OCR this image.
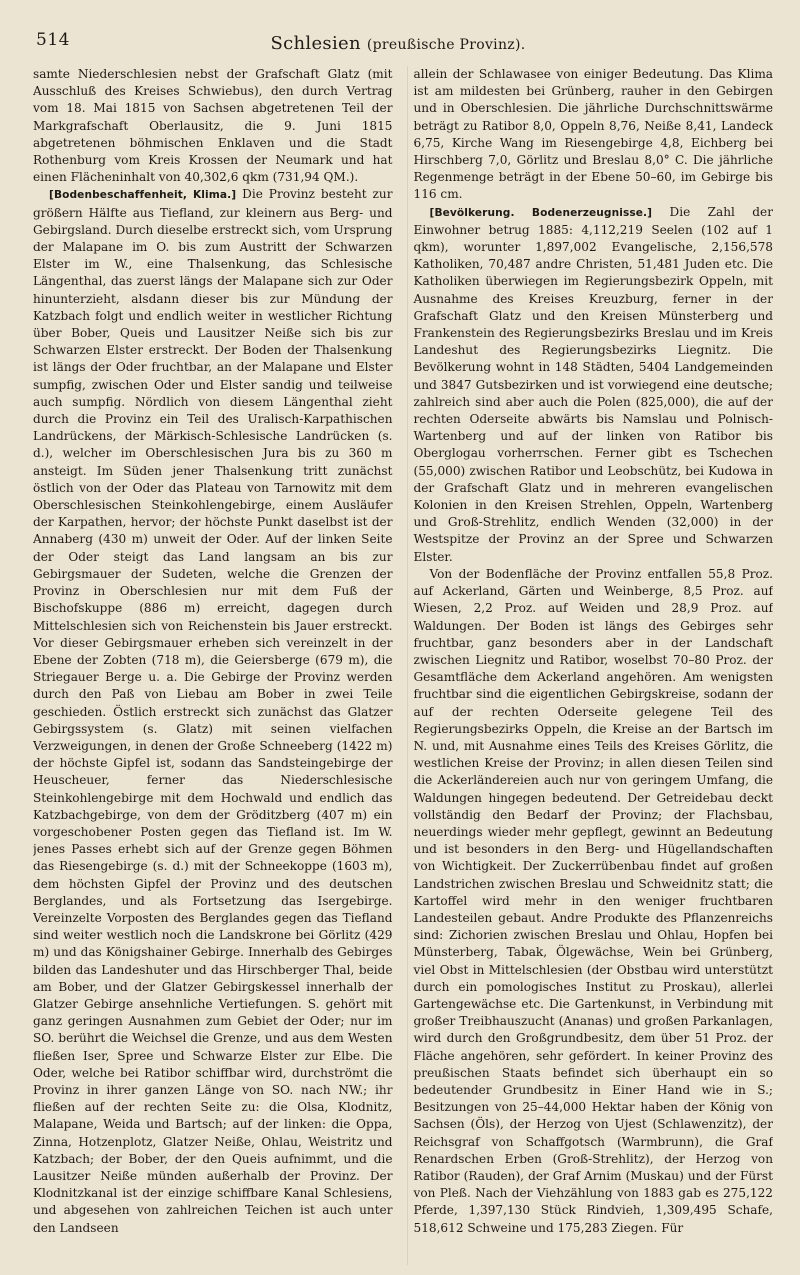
514	Schlesien (preußische Provinz).

samte Niederschlesien nebst der Grafschaft Glatz (mit Ausschluß des Kreises Schwiebus), den durch Vertrag vom 18. Mai 1815 von Sachsen abgetretenen Teil der Markgrafschaft Oberlausitz, die 9. Juni 1815 abgetretenen böhmischen Enklaven und die Stadt Rothenburg vom Kreis Krossen der Neumark und hat einen Flächeninhalt von 40,302,6 qkm (731,94 QM.).

[Bodenbeschaffenheit, Klima.] Die Provinz besteht zur größern Hälfte aus Tiefland, zur kleinern aus Berg- und Gebirgsland. Durch dieselbe erstreckt sich, vom Ursprung der Malapane im O. bis zum Austritt der Schwarzen Elster im W., eine Thalsenkung, das Schlesische Längenthal, das zuerst längs der Malapane sich zur Oder hinunterzieht, alsdann dieser bis zur Mündung der Katzbach folgt und endlich weiter in westlicher Richtung über Bober, Queis und Lausitzer Neiße sich bis zur Schwarzen Elster erstreckt. Der Boden der Thalsenkung ist längs der Oder fruchtbar, an der Malapane und Elster sumpfig, zwischen Oder und Elster sandig und teilweise auch sumpfig. Nördlich von diesem Längenthal zieht durch die Provinz ein Teil des Uralisch-Karpathischen Landrückens, der Märkisch-Schlesische Landrücken (s. d.), welcher im Oberschlesischen Jura bis zu 360 m ansteigt. Im Süden jener Thalsenkung tritt zunächst östlich von der Oder das Plateau von Tarnowitz mit dem Oberschlesischen Steinkohlengebirge, einem Ausläufer der Karpathen, hervor; der höchste Punkt daselbst ist der Annaberg (430 m) unweit der Oder. Auf der linken Seite der Oder steigt das Land langsam an bis zur Gebirgsmauer der Sudeten, welche die Grenzen der Provinz in Oberschlesien nur mit dem Fuß der Bischofskuppe (886 m) erreicht, dagegen durch Mittelschlesien sich von Reichenstein bis Jauer erstreckt. Vor dieser Gebirgsmauer erheben sich vereinzelt in der Ebene der Zobten (718 m), die Geiersberge (679 m), die Striegauer Berge u. a. Die Gebirge der Provinz werden durch den Paß von Liebau am Bober in zwei Teile geschieden. Östlich erstreckt sich zunächst das Glatzer Gebirgssystem (s. Glatz) mit seinen vielfachen Verzweigungen, in denen der Große Schneeberg (1422 m) der höchste Gipfel ist, sodann das Sandsteingebirge der Heuscheuer, ferner das Niederschlesische Steinkohlengebirge mit dem Hochwald und endlich das Katzbachgebirge, von dem der Gröditzberg (407 m) ein vorgeschobener Posten gegen das Tiefland ist. Im W. jenes Passes erhebt sich auf der Grenze gegen Böhmen das Riesengebirge (s. d.) mit der Schneekoppe (1603 m), dem höchsten Gipfel der Provinz und des deutschen Berglandes, und als Fortsetzung das Isergebirge. Vereinzelte Vorposten des Berglandes gegen das Tiefland sind weiter westlich noch die Landskrone bei Görlitz (429 m) und das Königshainer Gebirge. Innerhalb des Gebirges bilden das Landeshuter und das Hirschberger Thal, beide am Bober, und der Glatzer Gebirgskessel innerhalb der Glatzer Gebirge ansehnliche Vertiefungen. S. gehört mit ganz geringen Ausnahmen zum Gebiet der Oder; nur im SO. berührt die Weichsel die Grenze, und aus dem Westen fließen Iser, Spree und Schwarze Elster zur Elbe. Die Oder, welche bei Ratibor schiffbar wird, durchströmt die Provinz in ihrer ganzen Länge von SO. nach NW.; ihr fließen auf der rechten Seite zu: die Olsa, Klodnitz, Malapane, Weida und Bartsch; auf der linken: die Oppa, Zinna, Hotzenplotz, Glatzer Neiße, Ohlau, Weistritz und Katzbach; der Bober, der den Queis aufnimmt, und die Lausitzer Neiße münden außerhalb der Provinz. Der Klodnitzkanal ist der einzige schiffbare Kanal Schlesiens, und abgesehen von zahlreichen Teichen ist auch unter den Landseen

allein der Schlawasee von einiger Bedeutung. Das Klima ist am mildesten bei Grünberg, rauher in den Gebirgen und in Oberschlesien. Die jährliche Durchschnittswärme beträgt zu Ratibor 8,0, Oppeln 8,76, Neiße 8,41, Landeck 6,75, Kirche Wang im Riesengebirge 4,8, Eichberg bei Hirschberg 7,0, Görlitz und Breslau 8,0° C. Die jährliche Regenmenge beträgt in der Ebene 50–60, im Gebirge bis 116 cm.

[Bevölkerung. Bodenerzeugnisse.] Die Zahl der Einwohner betrug 1885: 4,112,219 Seelen (102 auf 1 qkm), worunter 1,897,002 Evangelische, 2,156,578 Katholiken, 70,487 andre Christen, 51,481 Juden etc. Die Katholiken überwiegen im Regierungsbezirk Oppeln, mit Ausnahme des Kreises Kreuzburg, ferner in der Grafschaft Glatz und den Kreisen Münsterberg und Frankenstein des Regierungsbezirks Breslau und im Kreis Landeshut des Regierungsbezirks Liegnitz. Die Bevölkerung wohnt in 148 Städten, 5404 Landgemeinden und 3847 Gutsbezirken und ist vorwiegend eine deutsche; zahlreich sind aber auch die Polen (825,000), die auf der rechten Oderseite abwärts bis Namslau und Polnisch-Wartenberg und auf der linken von Ratibor bis Oberglogau vorherrschen. Ferner gibt es Tschechen (55,000) zwischen Ratibor und Leobschütz, bei Kudowa in der Grafschaft Glatz und in mehreren evangelischen Kolonien in den Kreisen Strehlen, Oppeln, Wartenberg und Groß-Strehlitz, endlich Wenden (32,000) in der Westspitze der Provinz an der Spree und Schwarzen Elster.

Von der Bodenfläche der Provinz entfallen 55,8 Proz. auf Ackerland, Gärten und Weinberge, 8,5 Proz. auf Wiesen, 2,2 Proz. auf Weiden und 28,9 Proz. auf Waldungen. Der Boden ist längs des Gebirges sehr fruchtbar, ganz besonders aber in der Landschaft zwischen Liegnitz und Ratibor, woselbst 70–80 Proz. der Gesamtfläche dem Ackerland angehören. Am wenigsten fruchtbar sind die eigentlichen Gebirgskreise, sodann der auf der rechten Oderseite gelegene Teil des Regierungsbezirks Oppeln, die Kreise an der Bartsch im N. und, mit Ausnahme eines Teils des Kreises Görlitz, die westlichen Kreise der Provinz; in allen diesen Teilen sind die Ackerländereien auch nur von geringem Umfang, die Waldungen hingegen bedeutend. Der Getreidebau deckt vollständig den Bedarf der Provinz; der Flachsbau, neuerdings wieder mehr gepflegt, gewinnt an Bedeutung und ist besonders in den Berg- und Hügellandschaften von Wichtigkeit. Der Zuckerrübenbau findet auf großen Landstrichen zwischen Breslau und Schweidnitz statt; die Kartoffel wird mehr in den weniger fruchtbaren Landesteilen gebaut. Andre Produkte des Pflanzenreichs sind: Zichorien zwischen Breslau und Ohlau, Hopfen bei Münsterberg, Tabak, Ölgewächse, Wein bei Grünberg, viel Obst in Mittelschlesien (der Obstbau wird unterstützt durch ein pomologisches Institut zu Proskau), allerlei Gartengewächse etc. Die Gartenkunst, in Verbindung mit großer Treibhauszucht (Ananas) und großen Parkanlagen, wird durch den Großgrundbesitz, dem über 51 Proz. der Fläche angehören, sehr gefördert. In keiner Provinz des preußischen Staats befindet sich überhaupt ein so bedeutender Grundbesitz in Einer Hand wie in S.; Besitzungen von 25–44,000 Hektar haben der König von Sachsen (Öls), der Herzog von Ujest (Schlawenzitz), der Reichsgraf von Schaffgotsch (Warmbrunn), die Graf Renardschen Erben (Groß-Strehlitz), der Herzog von Ratibor (Rauden), der Graf Arnim (Muskau) und der Fürst von Pleß. Nach der Viehzählung von 1883 gab es 275,122 Pferde, 1,397,130 Stück Rindvieh, 1,309,495 Schafe, 518,612 Schweine und 175,283 Ziegen. Für
